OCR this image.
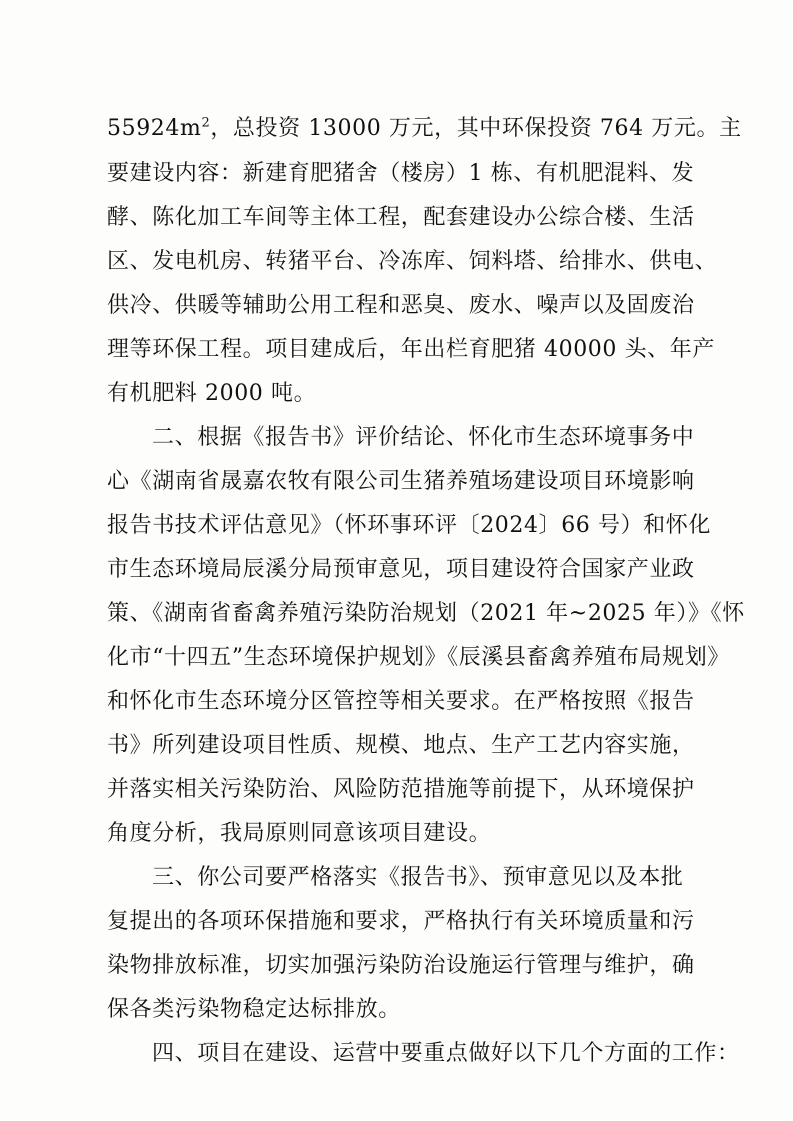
$55924m^2$，总投资 13000 万元，其中环保投资 764 万元。主
要建设内容：新建育肥猪舍（楼房）1 栋、有机肥混料、发
酵、陈化加工车间等主体工程，配套建设办公综合楼、生活
区、发电机房、转猪平台、冷冻库、饲料塔、给排水、供电、
供冷、供暖等辅助公用工程和恶臭、废水、噪声以及固废治
理等环保工程。项目建成后，年出栏育肥猪 40000 头、年产
有机肥料 2000 吨。
二、根据《报告书》评价结论、怀化市生态环境事务中
心《湖南省晟嘉农牧有限公司生猪养殖场建设项目环境影响
报告书技术评估意见》（怀环事环评〔2024〕66 号）和怀化
市生态环境局辰溪分局预审意见，项目建设符合国家产业政
策、《湖南省畜禽养殖污染防治规划（2021 年~2025 年）》《怀
化市“十四五”生态环境保护规划》《辰溪县畜禽养殖布局规划》
和怀化市生态环境分区管控等相关要求。在严格按照《报告
书》所列建设项目性质、规模、地点、生产工艺内容实施，
并落实相关污染防治、风险防范措施等前提下，从环境保护
角度分析，我局原则同意该项目建设。
三、你公司要严格落实《报告书》、预审意见以及本批
复提出的各项环保措施和要求，严格执行有关环境质量和污
染物排放标准，切实加强污染防治设施运行管理与维护，确
保各类污染物稳定达标排放。
四、项目在建设、运营中要重点做好以下几个方面的工作：
